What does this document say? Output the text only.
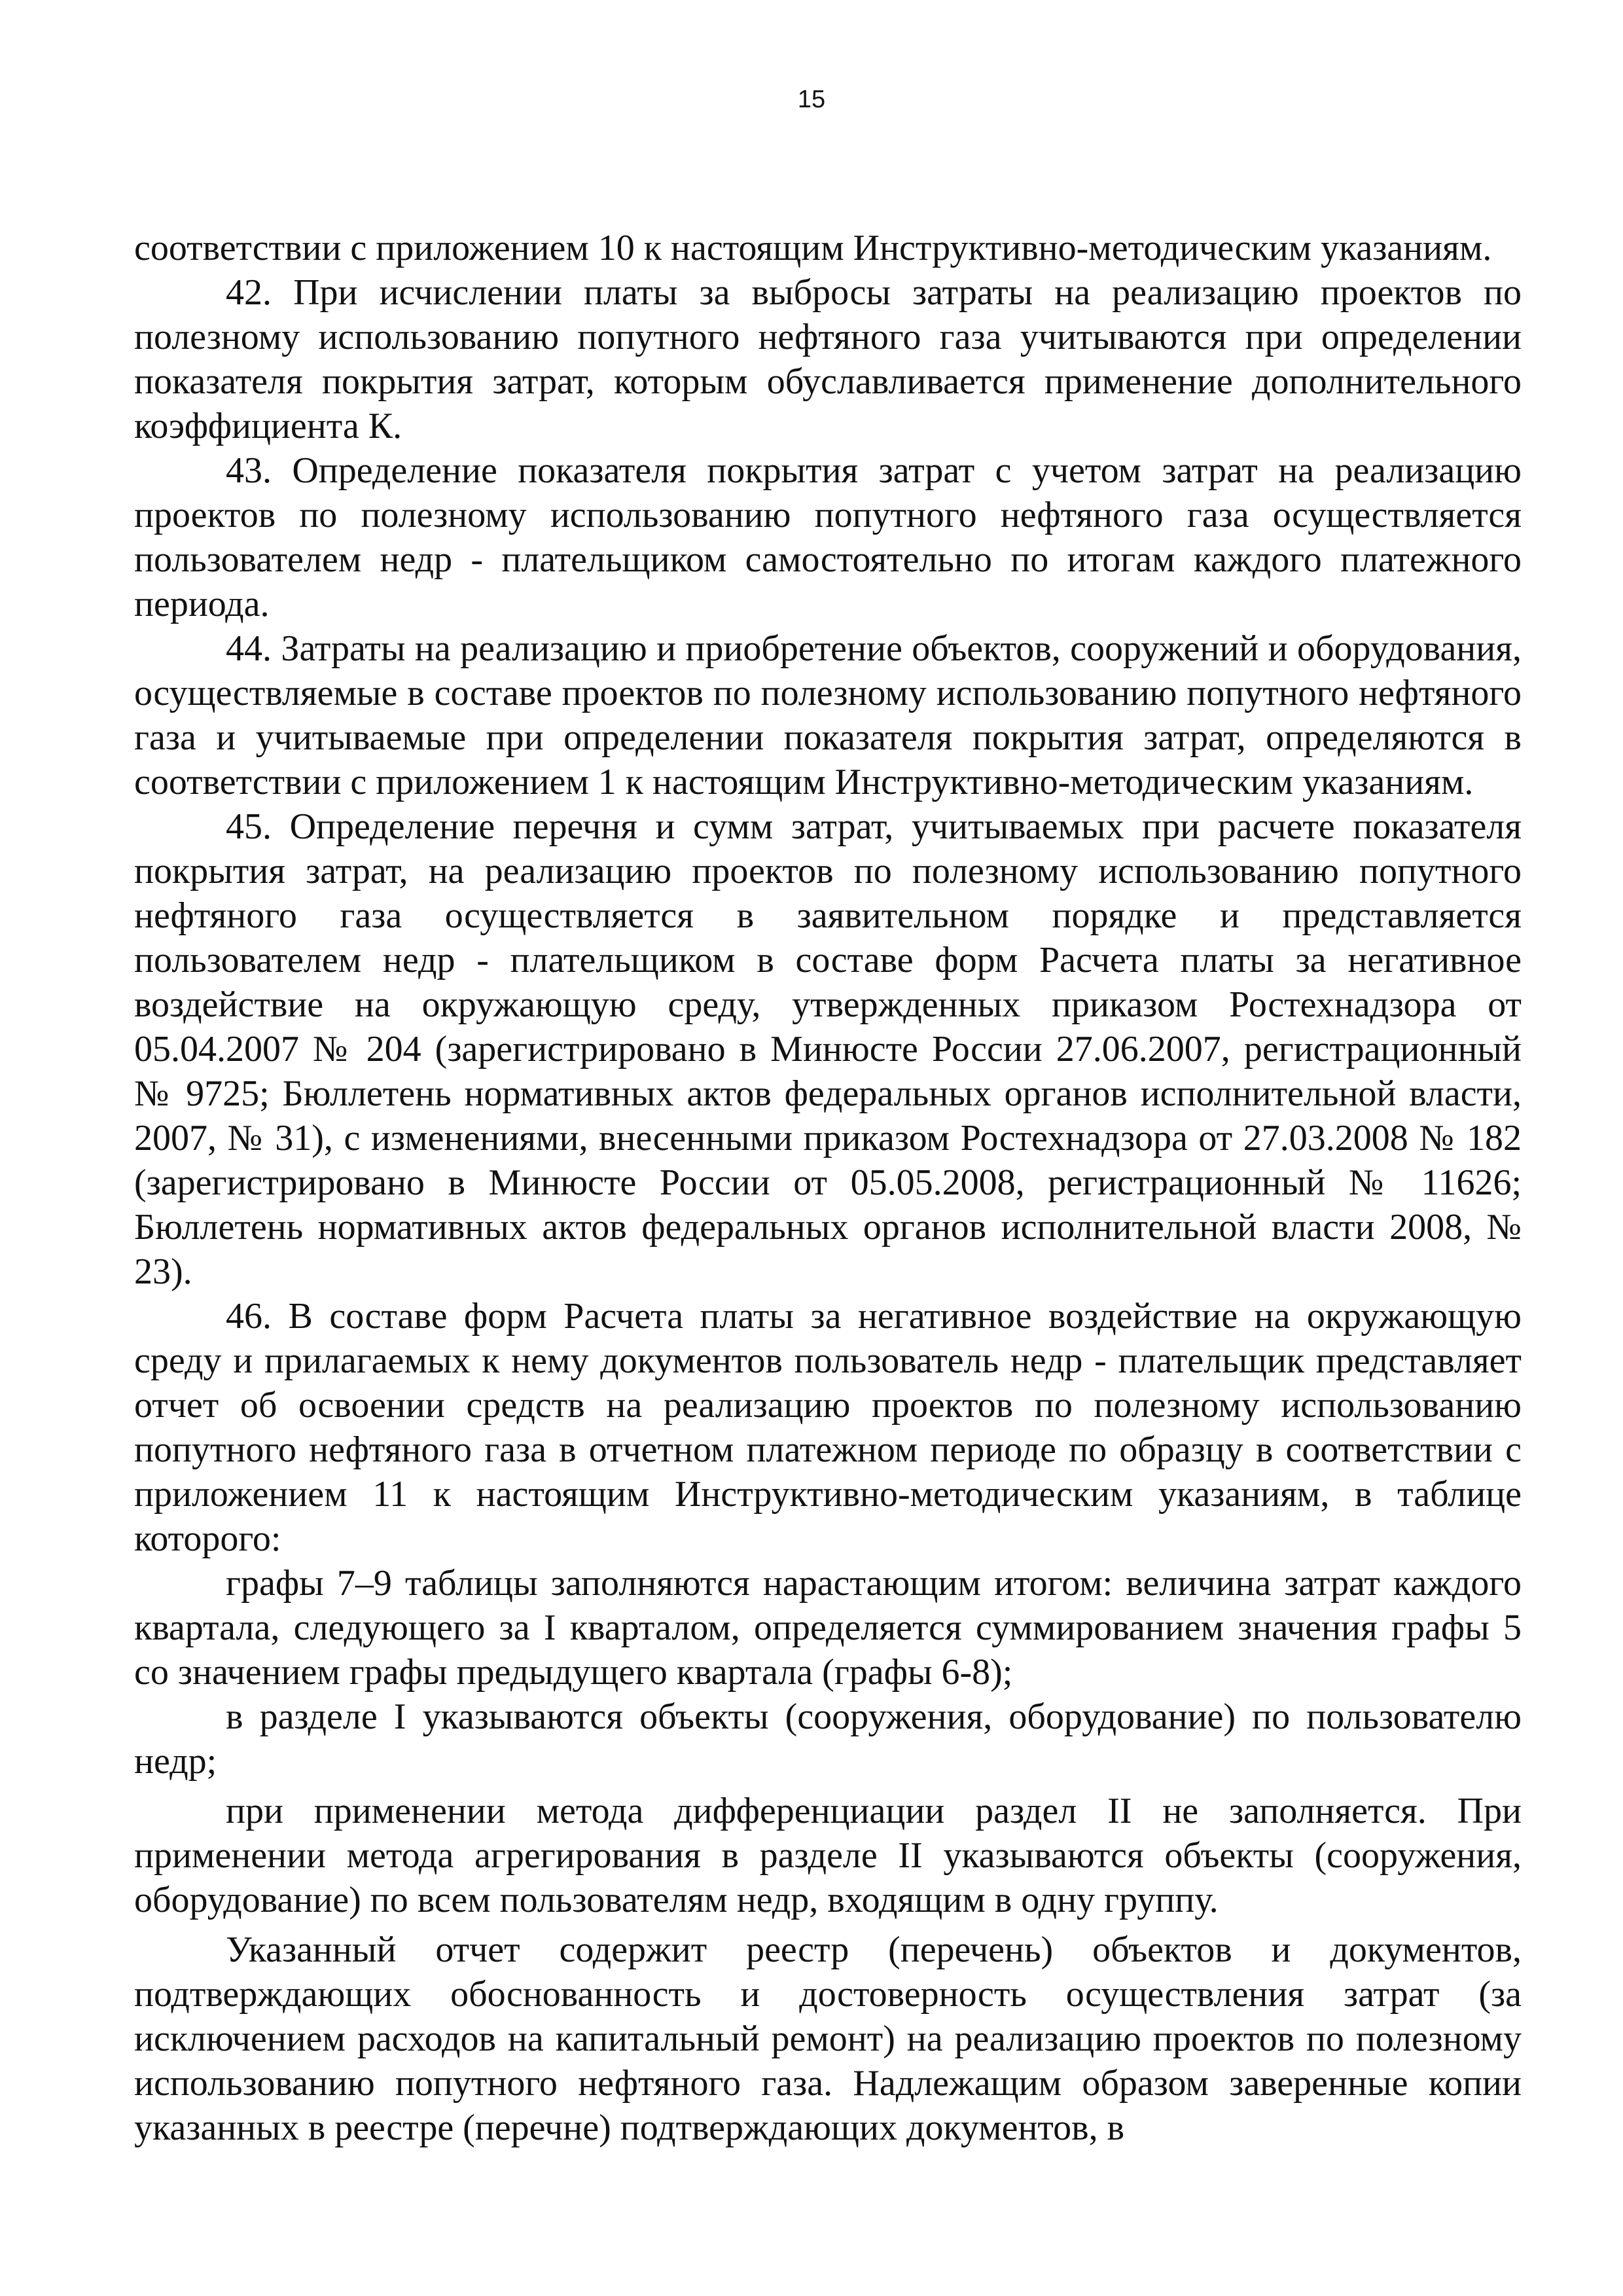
15

соответствии с приложением 10 к настоящим Инструктивно-методическим указаниям.

42. При исчислении платы за выбросы затраты на реализацию проектов по полезному использованию попутного нефтяного газа учитываются при определении показателя покрытия затрат, которым обуславливается применение дополнительного коэффициента К.

43. Определение показателя покрытия затрат с учетом затрат на реализацию проектов по полезному использованию попутного нефтяного газа осуществляется пользователем недр - плательщиком самостоятельно по итогам каждого платежного периода.

44. Затраты на реализацию и приобретение объектов, сооружений и оборудования, осуществляемые в составе проектов по полезному использованию попутного нефтяного газа и учитываемые при определении показателя покрытия затрат, определяются в соответствии с приложением 1 к настоящим Инструктивно-методическим указаниям.

45. Определение перечня и сумм затрат, учитываемых при расчете показателя покрытия затрат, на реализацию проектов по полезному использованию попутного нефтяного газа осуществляется в заявительном порядке и представляется пользователем недр - плательщиком в составе форм Расчета платы за негативное воздействие на окружающую среду, утвержденных приказом Ростехнадзора от 05.04.2007 № 204 (зарегистрировано в Минюсте России 27.06.2007, регистрационный № 9725; Бюллетень нормативных актов федеральных органов исполнительной власти, 2007, № 31), с изменениями, внесенными приказом Ростехнадзора от 27.03.2008 № 182 (зарегистрировано в Минюсте России от 05.05.2008, регистрационный № 11626; Бюллетень нормативных актов федеральных органов исполнительной власти 2008, № 23).

46. В составе форм Расчета платы за негативное воздействие на окружающую среду и прилагаемых к нему документов пользователь недр - плательщик представляет отчет об освоении средств на реализацию проектов по полезному использованию попутного нефтяного газа в отчетном платежном периоде по образцу в соответствии с приложением 11 к настоящим Инструктивно-методическим указаниям, в таблице которого:

графы 7–9 таблицы заполняются нарастающим итогом: величина затрат каждого квартала, следующего за I кварталом, определяется суммированием значения графы 5 со значением графы предыдущего квартала (графы 6-8);

в разделе I указываются объекты (сооружения, оборудование) по пользователю недр;

при применении метода дифференциации раздел II не заполняется. При применении метода агрегирования в разделе II указываются объекты (сооружения, оборудование) по всем пользователям недр, входящим в одну группу.

Указанный отчет содержит реестр (перечень) объектов и документов, подтверждающих обоснованность и достоверность осуществления затрат (за исключением расходов на капитальный ремонт) на реализацию проектов по полезному использованию попутного нефтяного газа. Надлежащим образом заверенные копии указанных в реестре (перечне) подтверждающих документов, в
